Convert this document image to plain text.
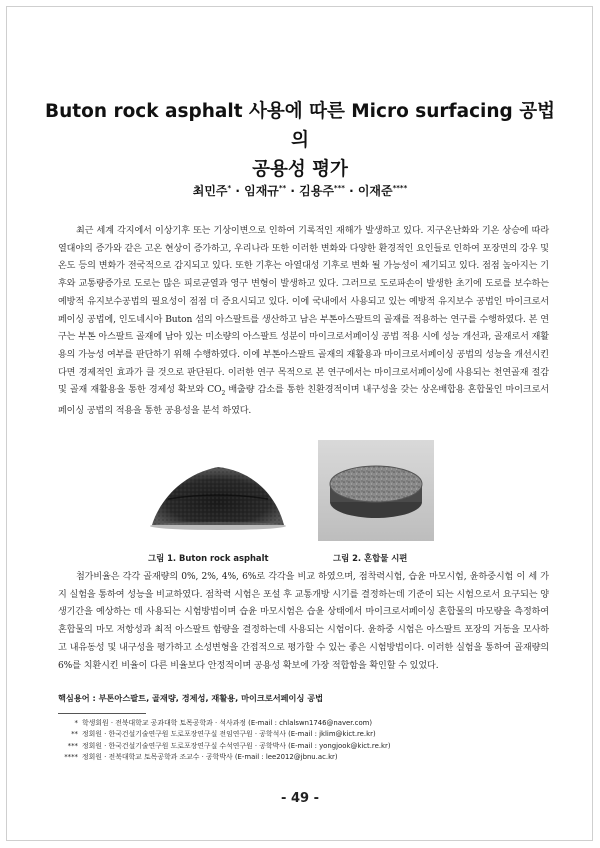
Buton rock asphalt 사용에 따른 Micro surfacing 공법의
공용성 평가
최민주* · 임재규** · 김용주*** · 이재준****

최근 세계 각지에서 이상기후 또는 기상이변으로 인하여 기록적인 재해가 발생하고 있다. 지구온난화와 기온 상승에 따라 열대야의 증가와 같은 고온 현상이 증가하고, 우리나라 또한 이러한 변화와 다양한 환경적인 요인들로 인하여 포장면의 강우 및 온도 등의 변화가 전국적으로 감지되고 있다. 또한 기후는 아열대성 기후로 변화 될 가능성이 제기되고 있다. 점점 높아지는 기후와 교통량증가로 도로는 많은 피로균열과 영구 변형이 발생하고 있다. 그러므로 도로파손이 발생한 초기에 도로를 보수하는 예방적 유지보수공법의 필요성이 점점 더 증요시되고 있다. 이에 국내에서 사용되고 있는 예방적 유지보수 공법인 마이크로서페이싱 공법에, 인도네시아 Buton 섬의 아스팔트를 생산하고 남은 부톤아스팔트의 골재를 적용하는 연구를 수행하였다. 본 연구는 부톤 아스팔트 골재에 남아 있는 미소량의 아스팔트 성분이 마이크로서페이싱 공법 적용 시에 성능 개선과, 골재로서 재활용의 가능성 여부를 판단하기 위해 수행하였다. 이에 부톤아스팔트 골재의 재활용과 마이크로서페이싱 공법의 성능을 개선시킨다면 경제적인 효과가 클 것으로 판단된다. 이러한 연구 목적으로 본 연구에서는 마이크로서페이싱에 사용되는 천연골재 절감 및 골재 재활용을 통한 경제성 확보와 $CO_2$ 배출량 감소를 통한 친환경적이며 내구성을 갖는 상온배합용 혼합물인 마이크로서페이싱 공법의 적용을 통한 공용성을 분석 하였다.

그림 1. Buton rock asphalt	그림 2. 혼합물 시편

첨가비율은 각각 골재량의 0%, 2%, 4%, 6%로 각각을 비교 하였으며, 점착력시험, 습윤 마모시험, 윤하중시험 이 세 가지 실험을 통하여 성능을 비교하였다. 점착력 시험은 포설 후 교통개방 시기를 결정하는데 기준이 되는 시험으로서 요구되는 양생기간을 예상하는 데 사용되는 시험방법이며 습윤 마모시험은 습윤 상태에서 마이크로서페이싱 혼합물의 마모량을 측정하여 혼합물의 마모 저항성과 최적 아스팔트 함량을 결정하는데 사용되는 시험이다. 윤하중 시험은 아스팔트 포장의 거동을 모사하고 내유동성 및 내구성을 평가하고 소성변형을 간접적으로 평가할 수 있는 좋은 시험방법이다. 이러한 실험을 통하여 골재량의 6%를 치환시킨 비율이 다른 비율보다 안정적이며 공용성 확보에 가장 적합함을 확인할 수 있었다.

핵심용어 : 부톤아스팔트, 골재량, 경제성, 재활용, 마이크로서페이싱 공법
* 학생회원 · 전북대학교 공과대학 토목공학과 · 석사과정 (E-mail : chlalswn1746@naver.com)
** 정회원 · 한국건설기술연구원 도로포장연구실 전임연구원 · 공학석사 (E-mail : jklim@kict.re.kr)
*** 정회원 · 한국건설기술연구원 도로포장연구실 수석연구원 · 공학박사 (E-mail : yongjook@kict.re.kr)
**** 정회원 · 전북대학교 토목공학과 조교수 · 공학박사 (E-mail : lee2012@jbnu.ac.kr)
- 49 -
